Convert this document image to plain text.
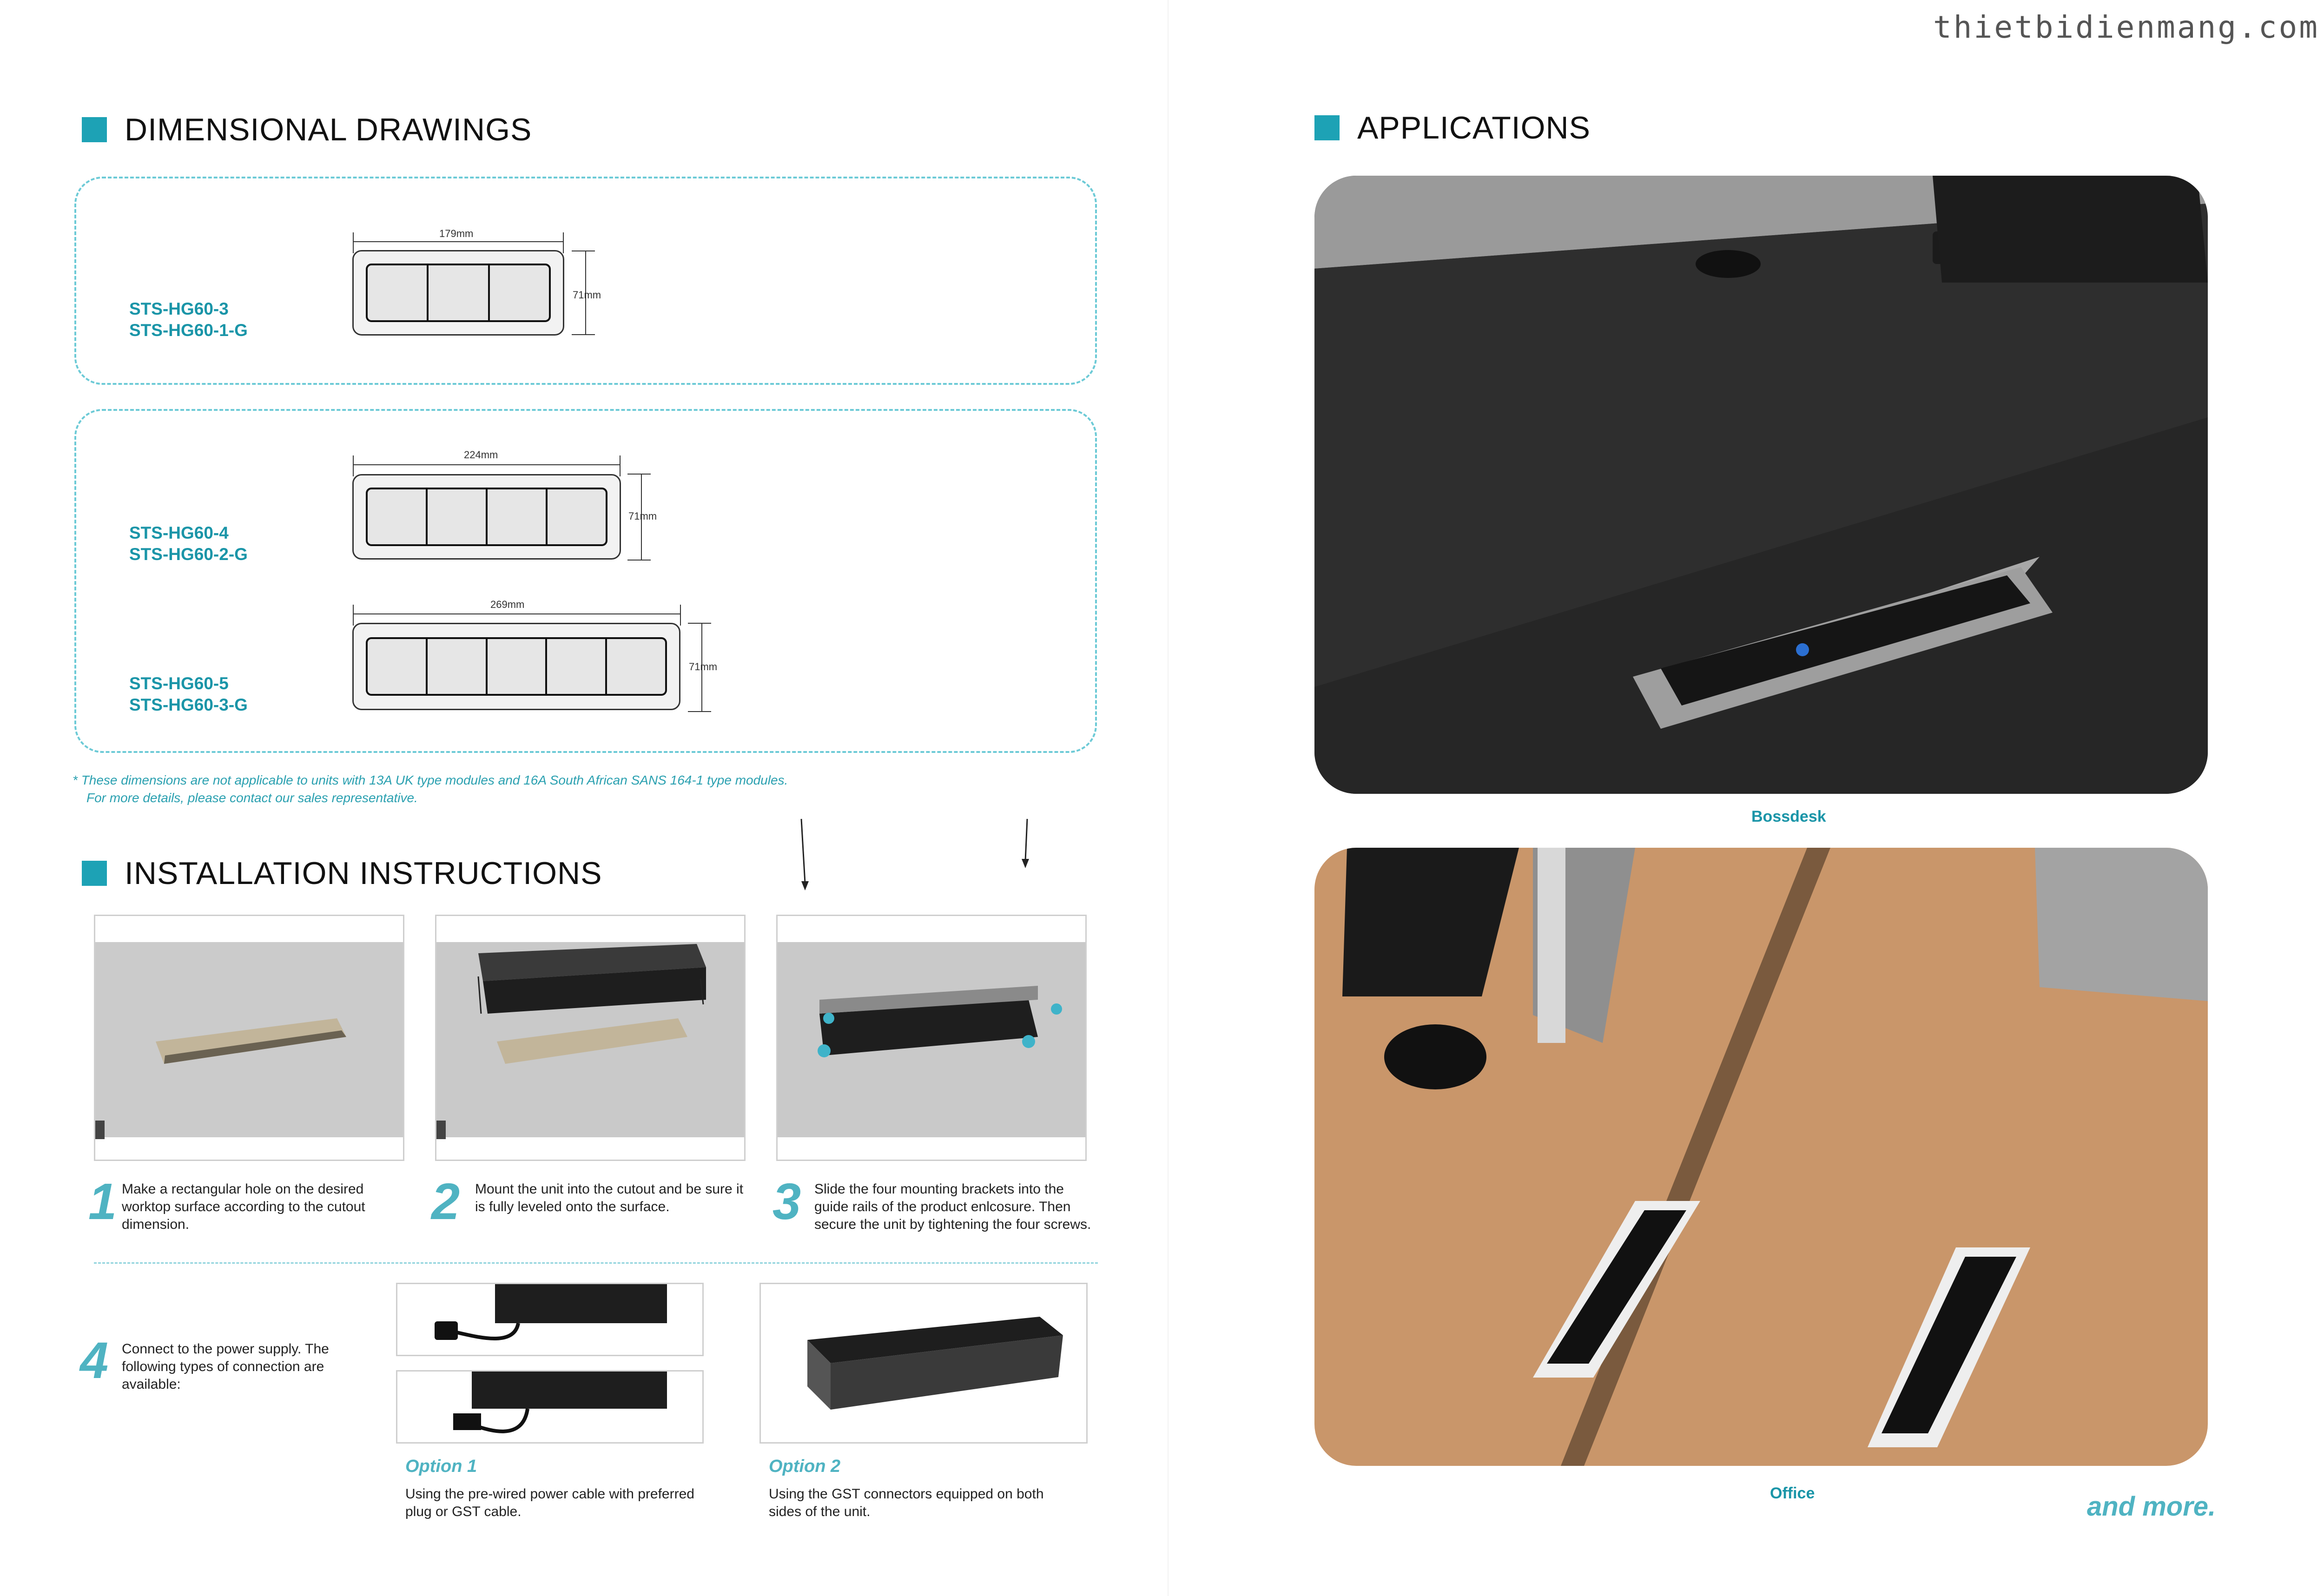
thietbidienmang.com
DIMENSIONAL DRAWINGS
STS-HG60-3
STS-HG60-1-G
179mm
71mm
STS-HG60-4
STS-HG60-2-G
224mm
71mm
STS-HG60-5
STS-HG60-3-G
269mm
71mm
* These dimensions are not applicable to units with 13A UK type modules and 16A South African SANS 164-1 type modules.
For more details, please contact our sales representative.
INSTALLATION INSTRUCTIONS
1 Make a rectangular hole on the desired worktop surface according to the cutout dimension.	2 Mount the unit into the cutout and be sure it is fully leveled onto the surface.	3 Slide the four mounting brackets into the guide rails of the product enlcosure. Then secure the unit by tightening the four screws.
4 Connect to the power supply. The following types of connection are available:
Option 1
Using the pre-wired power cable with preferred plug or GST cable.
Option 2
Using the GST connectors equipped on both sides of the unit.
APPLICATIONS
Bossdesk
Office	and more.
